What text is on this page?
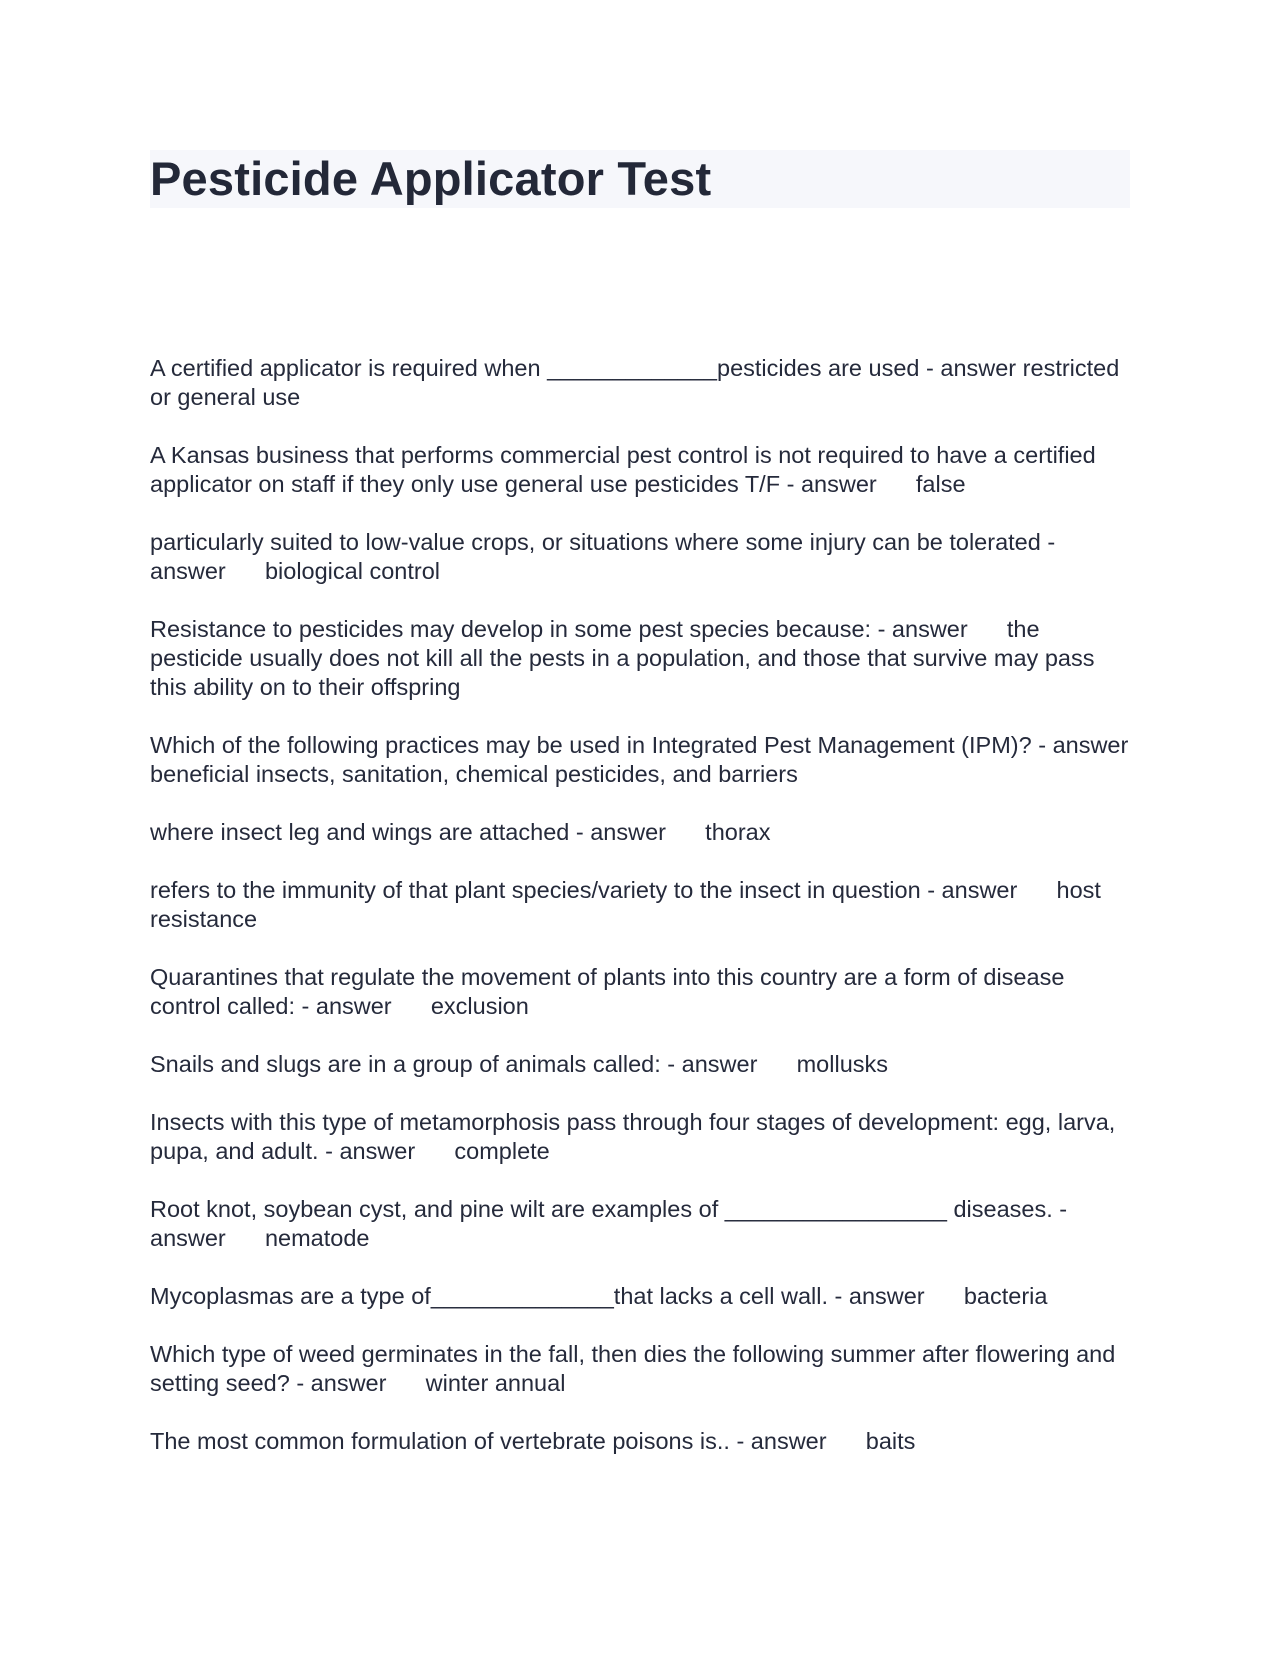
Pesticide Applicator Test

A certified applicator is required when _____________pesticides are used - answer restricted or general use

A Kansas business that performs commercial pest control is not required to have a certified applicator on staff if they only use general use pesticides T/F - answer false

particularly suited to low-value crops, or situations where some injury can be tolerated - answer biological control

Resistance to pesticides may develop in some pest species because: - answer the pesticide usually does not kill all the pests in a population, and those that survive may pass this ability on to their offspring

Which of the following practices may be used in Integrated Pest Management (IPM)? - answer      beneficial insects, sanitation, chemical pesticides, and barriers

where insect leg and wings are attached - answer thorax

refers to the immunity of that plant species/variety to the insect in question - answer host resistance

Quarantines that regulate the movement of plants into this country are a form of disease control called: - answer exclusion

Snails and slugs are in a group of animals called: - answer mollusks

Insects with this type of metamorphosis pass through four stages of development: egg, larva, pupa, and adult. - answer complete

Root knot, soybean cyst, and pine wilt are examples of _________________ diseases. - answer nematode

Mycoplasmas are a type of______________that lacks a cell wall. - answer bacteria

Which type of weed germinates in the fall, then dies the following summer after flowering and setting seed? - answer winter annual

The most common formulation of vertebrate poisons is.. - answer baits
